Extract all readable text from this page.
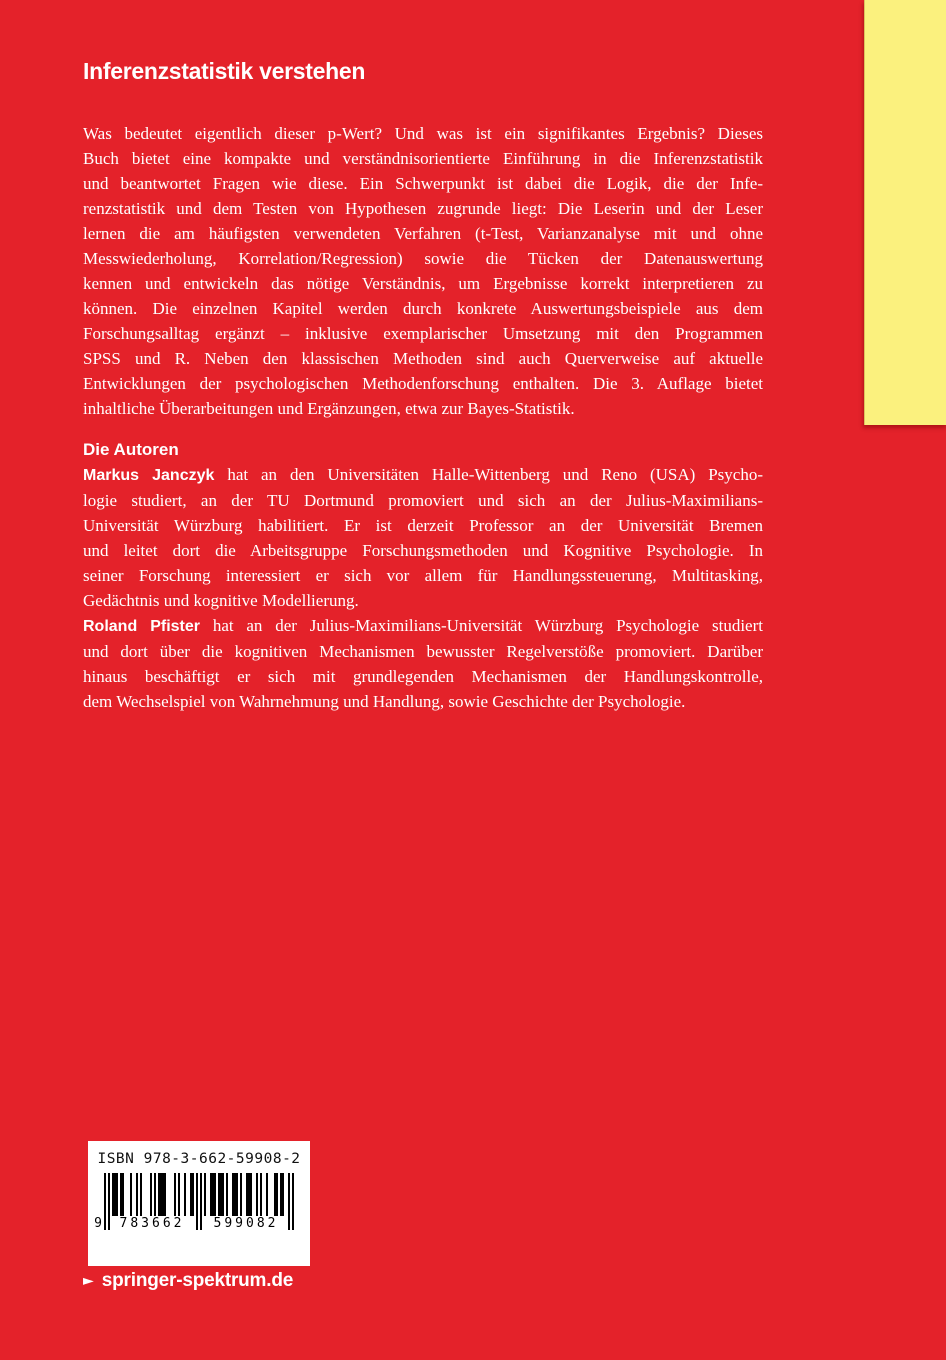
Inferenzstatistik verstehen
Was bedeutet eigentlich dieser p-Wert? Und was ist ein signifikantes Ergebnis? Dieses
Buch bietet eine kompakte und verständnisorientierte Einführung in die Inferenzstatistik
und beantwortet Fragen wie diese. Ein Schwerpunkt ist dabei die Logik, die der Infe-
renzstatistik und dem Testen von Hypothesen zugrunde liegt: Die Leserin und der Leser
lernen die am häufigsten verwendeten Verfahren (t-Test, Varianzanalyse mit und ohne
Messwiederholung, Korrelation/Regression) sowie die Tücken der Datenauswertung
kennen und entwickeln das nötige Verständnis, um Ergebnisse korrekt interpretieren zu
können. Die einzelnen Kapitel werden durch konkrete Auswertungsbeispiele aus dem
Forschungsalltag ergänzt – inklusive exemplarischer Umsetzung mit den Programmen
SPSS und R. Neben den klassischen Methoden sind auch Querverweise auf aktuelle
Entwicklungen der psychologischen Methodenforschung enthalten. Die 3. Auflage bietet
inhaltliche Überarbeitungen und Ergänzungen, etwa zur Bayes-Statistik.
Die Autoren
Markus Janczyk hat an den Universitäten Halle-Wittenberg und Reno (USA) Psycho-
logie studiert, an der TU Dortmund promoviert und sich an der Julius-Maximilians-
Universität Würzburg habilitiert. Er ist derzeit Professor an der Universität Bremen
und leitet dort die Arbeitsgruppe Forschungsmethoden und Kognitive Psychologie. In
seiner Forschung interessiert er sich vor allem für Handlungssteuerung, Multitasking,
Gedächtnis und kognitive Modellierung.
Roland Pfister hat an der Julius-Maximilians-Universität Würzburg Psychologie studiert
und dort über die kognitiven Mechanismen bewusster Regelverstöße promoviert. Darüber
hinaus beschäftigt er sich mit grundlegenden Mechanismen der Handlungskontrolle,
dem Wechselspiel von Wahrnehmung und Handlung, sowie Geschichte der Psychologie.
ISBN 978-3-662-59908-2
9	783662	599082
► springer-spektrum.de
